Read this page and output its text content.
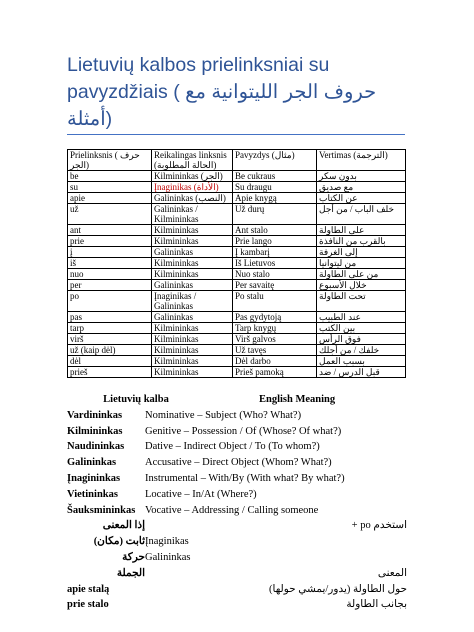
Lietuvių kalbos prielinksniai su
pavyzdžiais ( حروف الجر الليتوانية مع
أمثلة)
Prielinksnis ( حرف الجر)	Reikalingas linksnis (الحالة المطلوبة)	Pavyzdys (مثال)	Vertimas (الترجمة)
be	Kilmininkas (الجر)	Be cukraus	بدون سكر
su	Įnaginikas (الأداة)	Su draugu	مع صديق
apie	Galininkas (النصب)	Apie knygą	عن الكتاب
už	Galininkas / Kilmininkas	Už durų	خلف الباب / من أجل
ant	Kilmininkas	Ant stalo	على الطاولة
prie	Kilmininkas	Prie lango	بالقرب من النافذة
į	Galininkas	Į kambarį	إلى الغرفة
iš	Kilmininkas	Iš Lietuvos	من ليتوانيا
nuo	Kilmininkas	Nuo stalo	من على الطاولة
per	Galininkas	Per savaitę	خلال الأسبوع
po	Įnaginikas / Galininkas	Po stalu	تحت الطاولة
pas	Galininkas	Pas gydytoją	عند الطبيب
tarp	Kilmininkas	Tarp knygų	بين الكتب
virš	Kilmininkas	Virš galvos	فوق الرأس
už (kaip dėl)	Kilmininkas	Už tavęs	خلفك / من أجلك
dėl	Kilmininkas	Dėl darbo	بسبب العمل
prieš	Kilmininkas	Prieš pamoką	قبل الدرس / ضد
Lietuvių kalba	English Meaning
Vardininkas	Nominative – Subject (Who? What?)
Kilmininkas	Genitive – Possession / Of (Whose? Of what?)
Naudininkas	Dative – Indirect Object / To (To whom?)
Galininkas	Accusative – Direct Object (Whom? What?)
Įnagininkas	Instrumental – With/By (With what? By what?)
Vietininkas	Locative – In/At (Where?)
Šauksmininkas Vocative – Addressing / Calling someone
إذا المعنى	استخدم po +
ثابت (مكان) Įnaginikas
حركة Galininkas
الجملة	المعنى
apie stalą	حول الطاولة (يدور/يمشي حولها)
prie stalo	بجانب الطاولة
